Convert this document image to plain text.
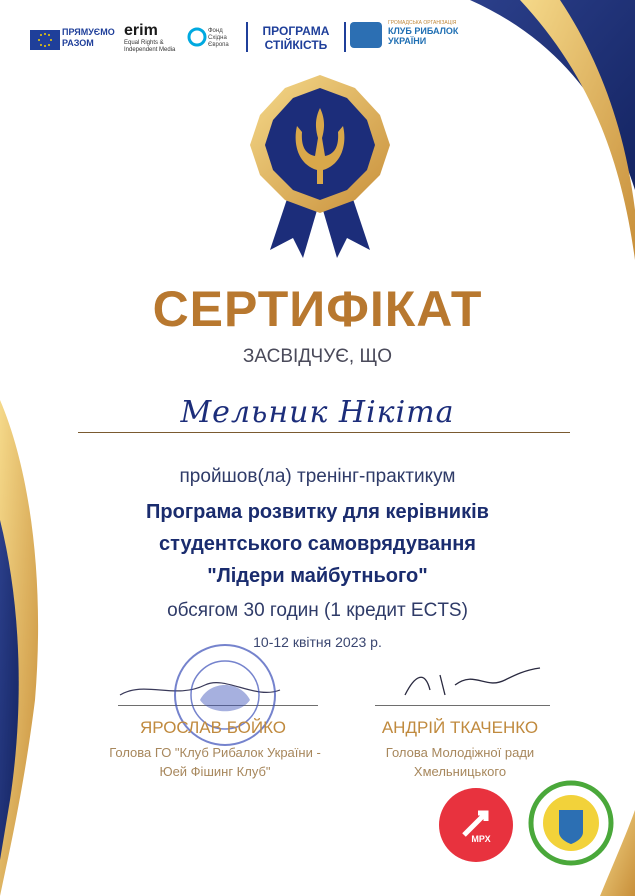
ПРЯМУЄМО РАЗОМ
erim
Equal Rights & Independent Media
Фонд Східна Європа
ПРОГРАМА СТІЙКІСТЬ
ГРОМАДСЬКА ОРГАНІЗАЦІЯ
КЛУБ РИБАЛОК УКРАЇНИ
СЕРТИФІКАТ
ЗАСВІДЧУЄ, ЩО
Мельник Нікіта
пройшов(ла) тренінг-практикум
Програма розвитку для керівників
студентського самоврядування
"Лідери майбутнього"
обсягом 30 годин (1 кредит ECTS)
10-12 квітня 2023 р.
ЯРОСЛАВ БОЙКО
Голова ГО "Клуб Рибалок України -
Юей Фішинг Клуб"
АНДРІЙ ТКАЧЕНКО
Голова Молодіжної ради
Хмельницького
МРХ
